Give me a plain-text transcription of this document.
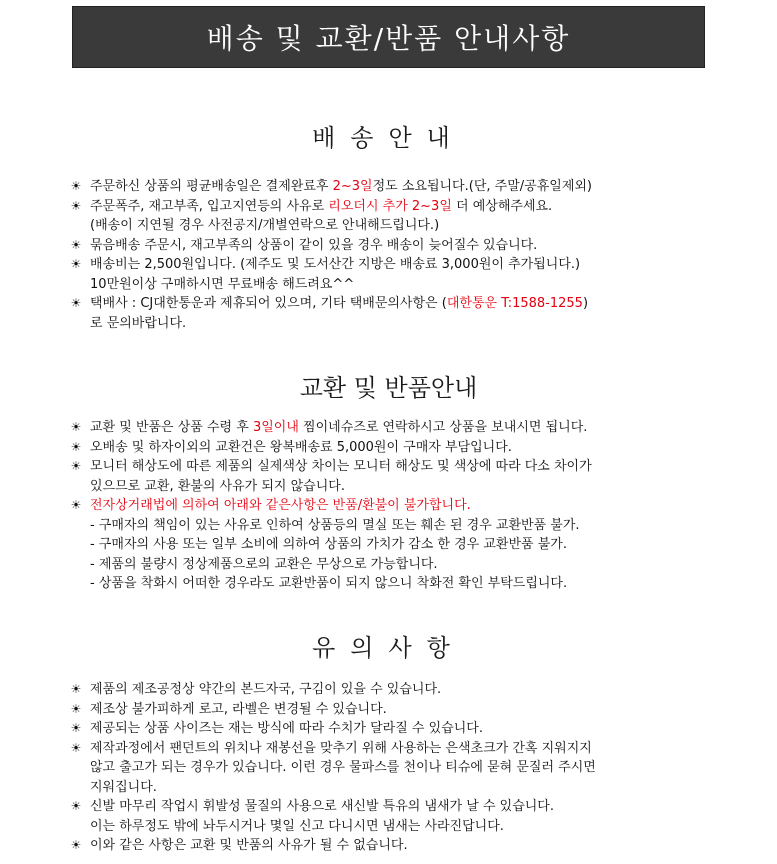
배송 및 교환/반품 안내사항
배송안내
☀ 주문하신 상품의 평균배송일은 결제완료후 2~3일정도 소요됩니다.(단, 주말/공휴일제외)
☀ 주문폭주, 재고부족, 입고지연등의 사유로 리오더시 추가 2~3일 더 예상해주세요.
(배송이 지연될 경우 사전공지/개별연락으로 안내해드립니다.)
☀ 묶음배송 주문시, 재고부족의 상품이 같이 있을 경우 배송이 늦어질수 있습니다.
☀ 배송비는 2,500원입니다. (제주도 및 도서산간 지방은 배송료 3,000원이 추가됩니다.)
10만원이상 구매하시면 무료배송 해드려요^^
☀ 택배사 : CJ대한통운과 제휴되어 있으며, 기타 택배문의사항은 (대한통운 T:1588-1255)
로 문의바랍니다.
교환 및 반품안내
☀ 교환 및 반품은 상품 수령 후 3일이내 찜이네슈즈로 연락하시고 상품을 보내시면 됩니다.
☀ 오배송 및 하자이외의 교환건은 왕복배송료 5,000원이 구매자 부담입니다.
☀ 모니터 해상도에 따른 제품의 실제색상 차이는 모니터 해상도 및 색상에 따라 다소 차이가
있으므로 교환, 환불의 사유가 되지 않습니다.
☀ 전자상거래법에 의하여 아래와 같은사항은 반품/환불이 불가합니다.
- 구매자의 책임이 있는 사유로 인하여 상품등의 멸실 또는 훼손 된 경우 교환반품 불가.
- 구매자의 사용 또는 일부 소비에 의하여 상품의 가치가 감소 한 경우 교환반품 불가.
- 제품의 불량시 정상제품으로의 교환은 무상으로 가능합니다.
- 상품을 착화시 어떠한 경우라도 교환반품이 되지 않으니 착화전 확인 부탁드립니다.
유의사항
☀ 제품의 제조공정상 약간의 본드자국, 구김이 있을 수 있습니다.
☀ 제조상 불가피하게 로고, 라벨은 변경될 수 있습니다.
☀ 제공되는 상품 사이즈는 재는 방식에 따라 수치가 달라질 수 있습니다.
☀ 제작과정에서 팬던트의 위치나 재봉선을 맞추기 위해 사용하는 은색초크가 간혹 지워지지
않고 출고가 되는 경우가 있습니다. 이런 경우 물파스를 천이나 티슈에 묻혀 문질러 주시면
지워집니다.
☀ 신발 마무리 작업시 휘발성 물질의 사용으로 새신발 특유의 냄새가 날 수 있습니다.
이는 하루정도 밖에 놔두시거나 몇일 신고 다니시면 냄새는 사라진답니다.
☀ 이와 같은 사항은 교환 및 반품의 사유가 될 수 없습니다.
